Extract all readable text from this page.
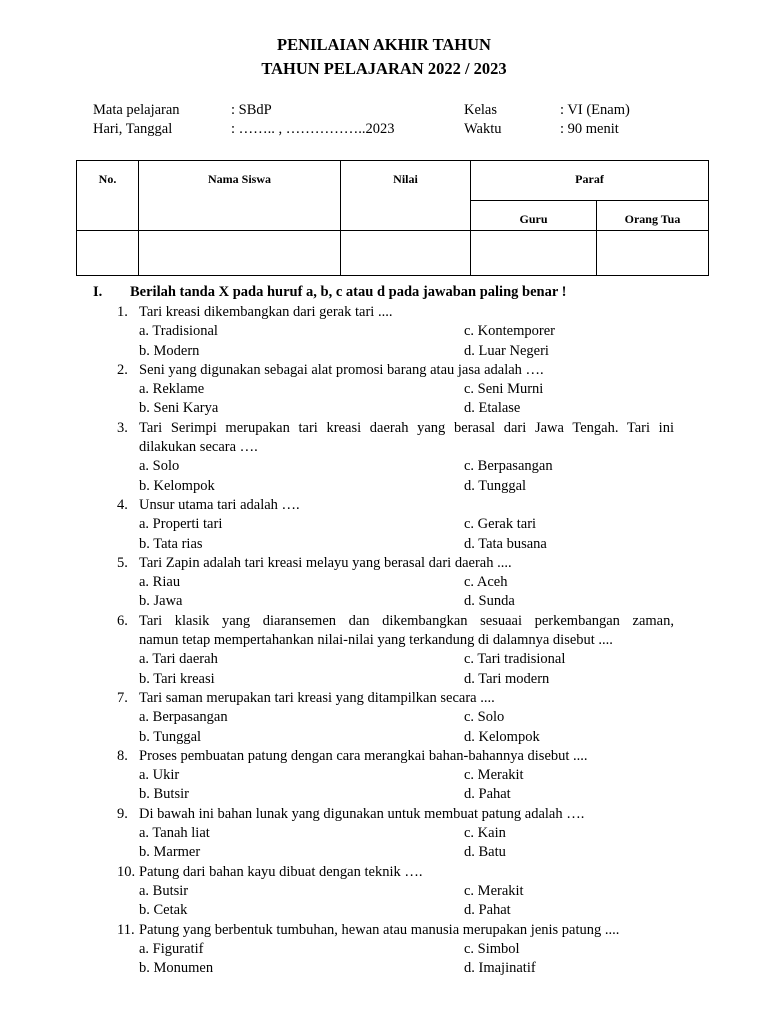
PENILAIAN AKHIR TAHUN
TAHUN PELAJARAN 2022 / 2023
Mata pelajaran	: SBdP	Kelas	: VI (Enam)
Hari, Tanggal	: …….. , ……………..2023	Waktu	: 90 menit
No.	Nama Siswa	Nilai	Paraf	
			Guru	Orang Tua

I. Berilah tanda X pada huruf a, b, c atau d pada jawaban paling benar !
1. Tari kreasi dikembangkan dari gerak tari ....
a. Tradisional	c. Kontemporer
b. Modern	d. Luar Negeri
2. Seni yang digunakan sebagai alat promosi barang atau jasa adalah ….
a. Reklame	c. Seni Murni
b. Seni Karya	d. Etalase
3. Tari Serimpi merupakan tari kreasi daerah yang berasal dari Jawa Tengah. Tari ini
dilakukan secara ….
a. Solo	c. Berpasangan
b. Kelompok	d. Tunggal
4. Unsur utama tari adalah ….
a. Properti tari	c. Gerak tari
b. Tata rias	d. Tata busana
5. Tari Zapin adalah tari kreasi melayu yang berasal dari daerah ....
a. Riau	c. Aceh
b. Jawa	d. Sunda
6. Tari klasik yang diaransemen dan dikembangkan sesuaai perkembangan zaman,
namun tetap mempertahankan nilai-nilai yang terkandung di dalamnya disebut ....
a. Tari daerah	c. Tari tradisional
b. Tari kreasi	d. Tari modern
7. Tari saman merupakan tari kreasi yang ditampilkan secara ....
a. Berpasangan	c. Solo
b. Tunggal	d. Kelompok
8. Proses pembuatan patung dengan cara merangkai bahan-bahannya disebut ....
a. Ukir	c. Merakit
b. Butsir	d. Pahat
9. Di bawah ini bahan lunak yang digunakan untuk membuat patung adalah ….
a. Tanah liat	c. Kain
b. Marmer	d. Batu
10. Patung dari bahan kayu dibuat dengan teknik ….
a. Butsir	c. Merakit
b. Cetak	d. Pahat
11. Patung yang berbentuk tumbuhan, hewan atau manusia merupakan jenis patung ....
a. Figuratif	c. Simbol
b. Monumen	d. Imajinatif
